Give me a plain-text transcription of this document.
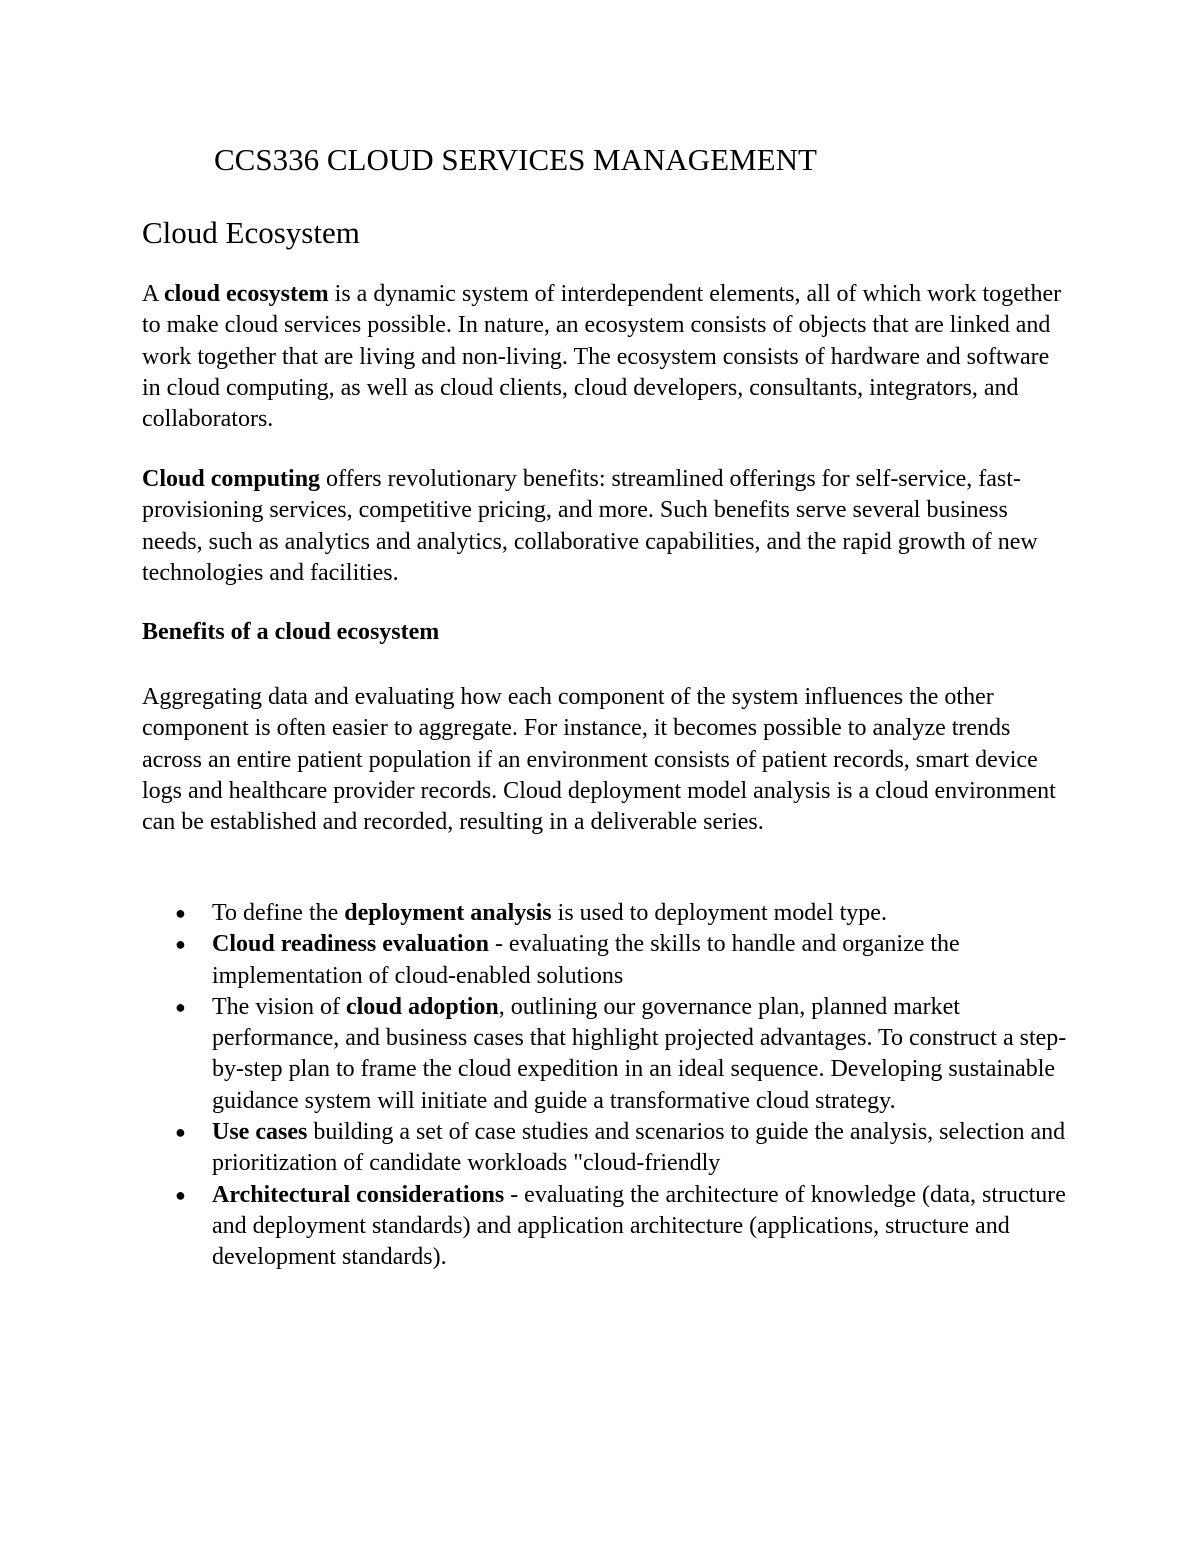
CCS336 CLOUD SERVICES MANAGEMENT
Cloud Ecosystem

A cloud ecosystem is a dynamic system of interdependent elements, all of which work together to make cloud services possible. In nature, an ecosystem consists of objects that are linked and work together that are living and non-living. The ecosystem consists of hardware and software in cloud computing, as well as cloud clients, cloud developers, consultants, integrators, and collaborators.

Cloud computing offers revolutionary benefits: streamlined offerings for self-service, fast-provisioning services, competitive pricing, and more. Such benefits serve several business needs, such as analytics and analytics, collaborative capabilities, and the rapid growth of new technologies and facilities.

Benefits of a cloud ecosystem

Aggregating data and evaluating how each component of the system influences the other component is often easier to aggregate. For instance, it becomes possible to analyze trends across an entire patient population if an environment consists of patient records, smart device logs and healthcare provider records. Cloud deployment model analysis is a cloud environment can be established and recorded, resulting in a deliverable series.

● To define the deployment analysis is used to deployment model type.
● Cloud readiness evaluation - evaluating the skills to handle and organize the implementation of cloud-enabled solutions
● The vision of cloud adoption, outlining our governance plan, planned market performance, and business cases that highlight projected advantages. To construct a step-by-step plan to frame the cloud expedition in an ideal sequence. Developing sustainable guidance system will initiate and guide a transformative cloud strategy.
● Use cases building a set of case studies and scenarios to guide the analysis, selection and prioritization of candidate workloads "cloud-friendly
● Architectural considerations - evaluating the architecture of knowledge (data, structure and deployment standards) and application architecture (applications, structure and development standards).
